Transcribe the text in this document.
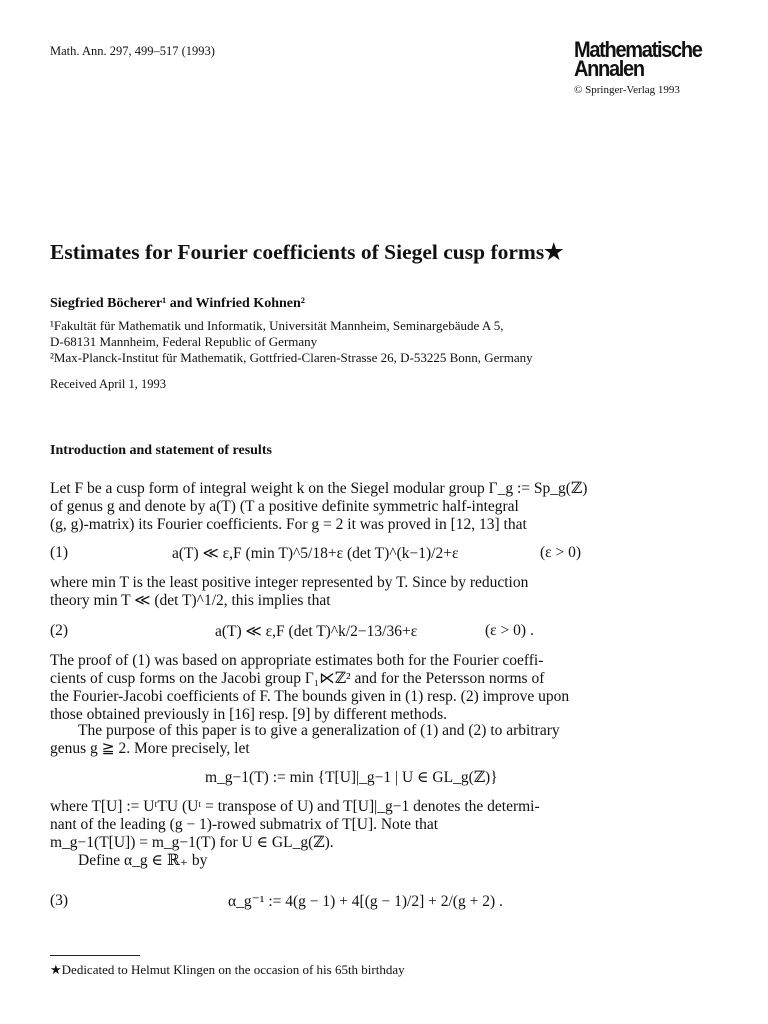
Math. Ann. 297, 499–517 (1993)	Mathematische
Annalen
© Springer-Verlag 1993
Estimates for Fourier coefficients of Siegel cusp forms★
Siegfried Böcherer¹ and Winfried Kohnen²
¹Fakultät für Mathematik und Informatik, Universität Mannheim, Seminargebäude A 5,
D-68131 Mannheim, Federal Republic of Germany
²Max-Planck-Institut für Mathematik, Gottfried-Claren-Strasse 26, D-53225 Bonn, Germany
Received April 1, 1993
Introduction and statement of results
Let F be a cusp form of integral weight k on the Siegel modular group Γ_g := Sp_g(ℤ)
of genus g and denote by a(T) (T a positive definite symmetric half-integral
(g, g)-matrix) its Fourier coefficients. For g = 2 it was proved in [12, 13] that
(1)	a(T) ≪ ε,F (min T)^5/18+ε (det T)^(k−1)/2+ε	(ε > 0)
where min T is the least positive integer represented by T. Since by reduction
theory min T ≪ (det T)^1/2, this implies that
(2)	a(T) ≪ ε,F (det T)^k/2−13/36+ε	(ε > 0) .
The proof of (1) was based on appropriate estimates both for the Fourier coeffi-
cients of cusp forms on the Jacobi group Γ₁⋉ℤ² and for the Petersson norms of
the Fourier-Jacobi coefficients of F. The bounds given in (1) resp. (2) improve upon
those obtained previously in [16] resp. [9] by different methods.
The purpose of this paper is to give a generalization of (1) and (2) to arbitrary
genus g ≧ 2. More precisely, let
m_g−1(T) := min {T[U]|_g−1 | U ∈ GL_g(ℤ)}
where T[U] := UᵗTU (Uᵗ = transpose of U) and T[U]|_g−1 denotes the determi-
nant of the leading (g − 1)-rowed submatrix of T[U]. Note that
m_g−1(T[U]) = m_g−1(T) for U ∈ GL_g(ℤ).
Define α_g ∈ ℝ₊ by
(3)	α_g⁻¹ := 4(g − 1) + 4[(g − 1)/2] + 2/(g + 2) .
★Dedicated to Helmut Klingen on the occasion of his 65th birthday
